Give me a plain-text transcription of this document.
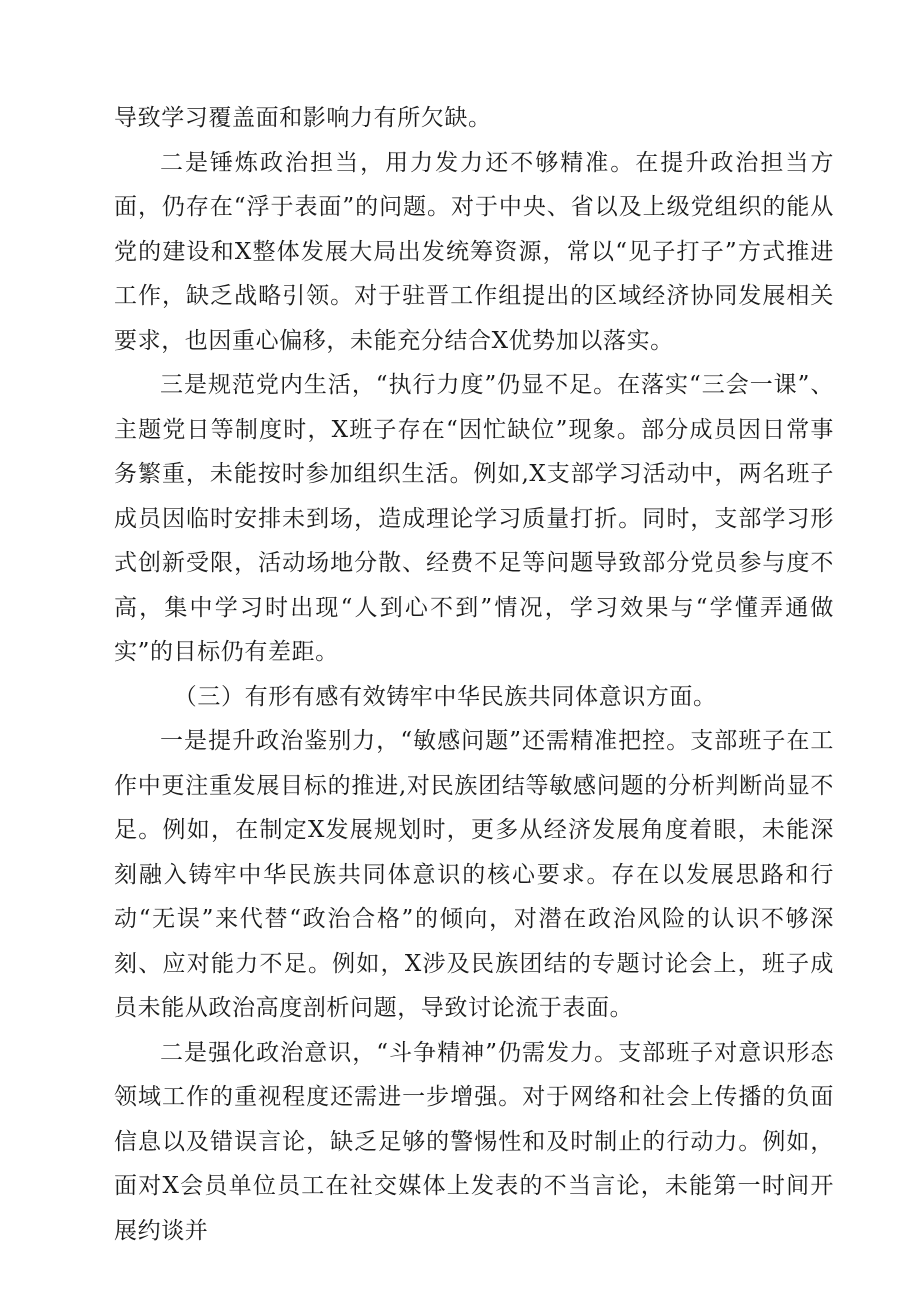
导致学习覆盖面和影响力有所欠缺。

二是锤炼政治担当，用力发力还不够精准。在提升政治担当方面，仍存在“浮于表面”的问题。对于中央、省以及上级党组织的能从党的建设和X整体发展大局出发统筹资源，常以“见子打子”方式推进工作，缺乏战略引领。对于驻晋工作组提出的区域经济协同发展相关要求，也因重心偏移，未能充分结合X优势加以落实。

三是规范党内生活，“执行力度”仍显不足。在落实“三会一课”、主题党日等制度时，X班子存在“因忙缺位”现象。部分成员因日常事务繁重，未能按时参加组织生活。例如,X支部学习活动中，两名班子成员因临时安排未到场，造成理论学习质量打折。同时，支部学习形式创新受限，活动场地分散、经费不足等问题导致部分党员参与度不高，集中学习时出现“人到心不到”情况，学习效果与“学懂弄通做实”的目标仍有差距。

（三）有形有感有效铸牢中华民族共同体意识方面。

一是提升政治鉴别力，“敏感问题”还需精准把控。支部班子在工作中更注重发展目标的推进,对民族团结等敏感问题的分析判断尚显不足。例如，在制定X发展规划时，更多从经济发展角度着眼，未能深刻融入铸牢中华民族共同体意识的核心要求。存在以发展思路和行动“无误”来代替“政治合格”的倾向，对潜在政治风险的认识不够深刻、应对能力不足。例如，X涉及民族团结的专题讨论会上，班子成员未能从政治高度剖析问题，导致讨论流于表面。

二是强化政治意识，“斗争精神”仍需发力。支部班子对意识形态领域工作的重视程度还需进一步增强。对于网络和社会上传播的负面信息以及错误言论，缺乏足够的警惕性和及时制止的行动力。例如，面对X会员单位员工在社交媒体上发表的不当言论，未能第一时间开展约谈并
